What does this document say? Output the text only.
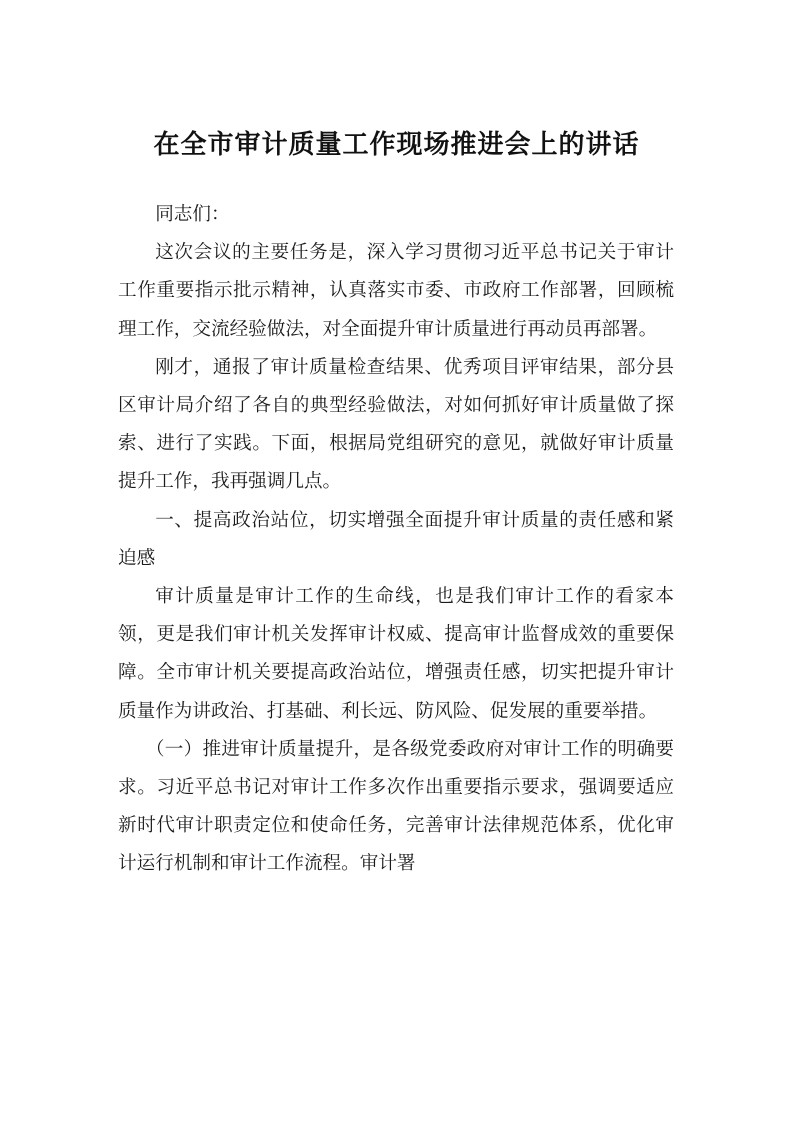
在全市审计质量工作现场推进会上的讲话

同志们：

这次会议的主要任务是，深入学习贯彻习近平总书记关于审计工作重要指示批示精神，认真落实市委、市政府工作部署，回顾梳理工作，交流经验做法，对全面提升审计质量进行再动员再部署。

刚才，通报了审计质量检查结果、优秀项目评审结果，部分县区审计局介绍了各自的典型经验做法，对如何抓好审计质量做了探索、进行了实践。下面，根据局党组研究的意见，就做好审计质量提升工作，我再强调几点。

一、提高政治站位，切实增强全面提升审计质量的责任感和紧迫感

审计质量是审计工作的生命线，也是我们审计工作的看家本领，更是我们审计机关发挥审计权威、提高审计监督成效的重要保障。全市审计机关要提高政治站位，增强责任感，切实把提升审计质量作为讲政治、打基础、利长远、防风险、促发展的重要举措。

（一）推进审计质量提升，是各级党委政府对审计工作的明确要求。习近平总书记对审计工作多次作出重要指示要求，强调要适应新时代审计职责定位和使命任务，完善审计法律规范体系，优化审计运行机制和审计工作流程。审计署
